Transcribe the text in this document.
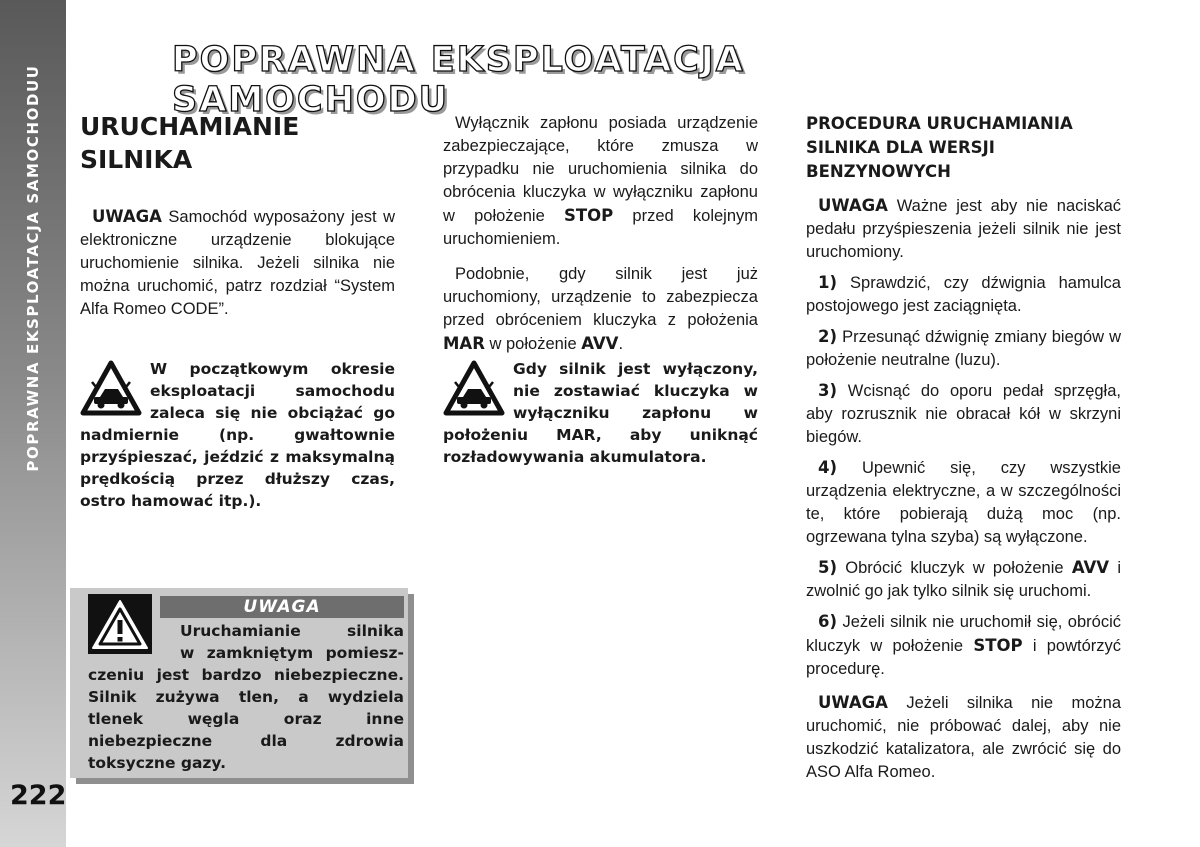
POPRAWNA EKSPLOATACJA SAMOCHODUU
222
POPRAWNA EKSPLOATACJA SAMOCHODU
URUCHAMIANIE
SILNIKA

UWAGA Samochód wyposażony jest w elektroniczne urządzenie blokujące uruchomienie silnika. Jeżeli silnika nie można uruchomić, patrz rozdział “System Alfa Romeo CODE”.

W początkowym okresie eksploatacji samochodu zaleca się nie obciążać go nadmiernie (np. gwałtownie przyśpieszać, jeździć z maksymalną prędkością przez dłuższy czas, ostro hamować itp.).
UWAGA
Uruchamianie silnika
w zamkniętym pomiesz-
czeniu jest bardzo niebezpieczne. Silnik zużywa tlen, a wydziela tlenek węgla oraz inne niebezpieczne dla zdrowia toksyczne gazy.

Wyłącznik zapłonu posiada urządzenie zabezpieczające, które zmusza w przypadku nie uruchomienia silnika do obrócenia kluczyka w wyłączniku zapłonu w położenie STOP przed kolejnym uruchomieniem.

Podobnie, gdy silnik jest już uruchomiony, urządzenie to zabezpiecza przed obróceniem kluczyka z położenia MAR w położenie AVV.

Gdy silnik jest wyłączony, nie zostawiać kluczyka w wyłączniku zapłonu w położeniu MAR, aby uniknąć rozładowywania akumulatora.
PROCEDURA URUCHAMIANIA SILNIKA DLA WERSJI BENZYNOWYCH

UWAGA Ważne jest aby nie naciskać pedału przyśpieszenia jeżeli silnik nie jest uruchomiony.

1) Sprawdzić, czy dźwignia hamulca postojowego jest zaciągnięta.

2) Przesunąć dźwignię zmiany biegów w położenie neutralne (luzu).

3) Wcisnąć do oporu pedał sprzęgła, aby rozrusznik nie obracał kół w skrzyni biegów.

4) Upewnić się, czy wszystkie urządzenia elektryczne, a w szczególności te, które pobierają dużą moc (np. ogrzewana tylna szyba) są wyłączone.

5) Obrócić kluczyk w położenie AVV i zwolnić go jak tylko silnik się uruchomi.

6) Jeżeli silnik nie uruchomił się, obrócić kluczyk w położenie STOP i powtórzyć procedurę.

UWAGA Jeżeli silnika nie można uruchomić, nie próbować dalej, aby nie uszkodzić katalizatora, ale zwrócić się do ASO Alfa Romeo.
